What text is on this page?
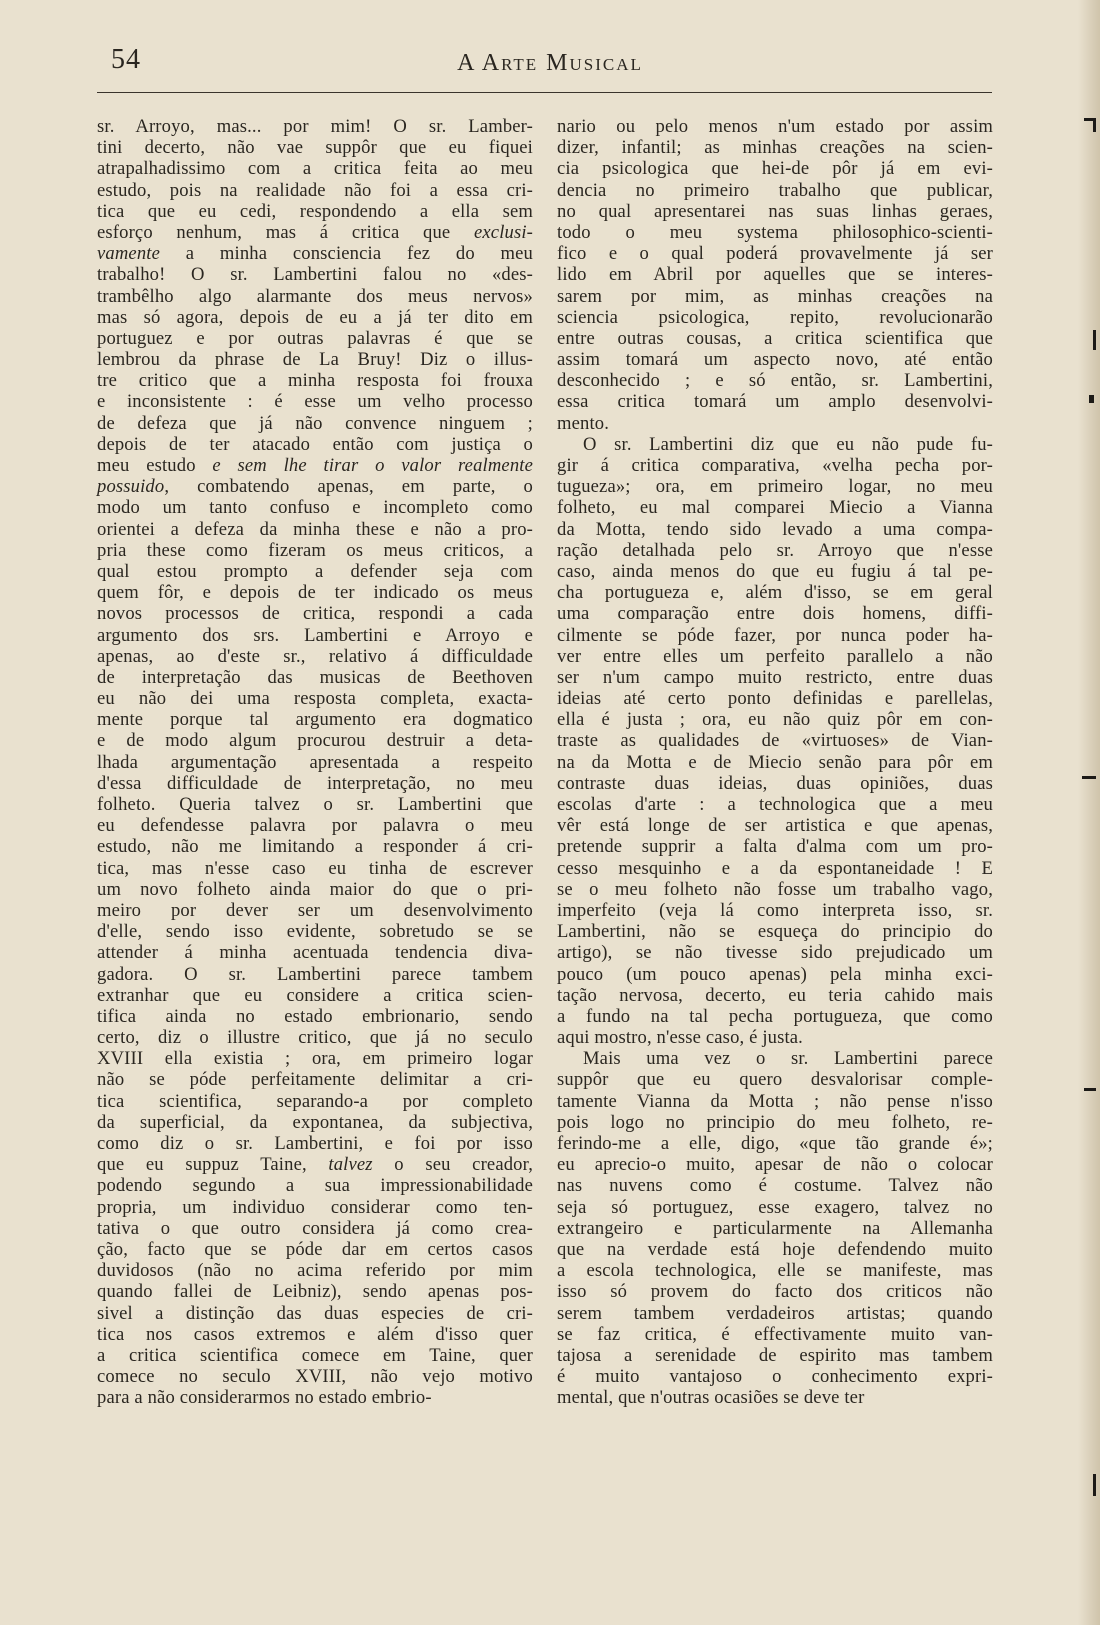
54	A Arte Musical
sr. Arroyo, mas... por mim! O sr. Lamber-
tini decerto, não vae suppôr que eu fiquei
atrapalhadissimo com a critica feita ao meu
estudo, pois na realidade não foi a essa cri-
tica que eu cedi, respondendo a ella sem
esforço nenhum, mas á critica que exclusi-
vamente a minha consciencia fez do meu
trabalho! O sr. Lambertini falou no «des-
trambêlho algo alarmante dos meus nervos»
mas só agora, depois de eu a já ter dito em
portuguez e por outras palavras é que se
lembrou da phrase de La Bruy! Diz o illus-
tre critico que a minha resposta foi frouxa
e inconsistente : é esse um velho processo
de defeza que já não convence ninguem ;
depois de ter atacado então com justiça o
meu estudo e sem lhe tirar o valor realmente
possuido, combatendo apenas, em parte, o
modo um tanto confuso e incompleto como
orientei a defeza da minha these e não a pro-
pria these como fizeram os meus criticos, a
qual estou prompto a defender seja com
quem fôr, e depois de ter indicado os meus
novos processos de critica, respondi a cada
argumento dos srs. Lambertini e Arroyo e
apenas, ao d'este sr., relativo á difficuldade
de interpretação das musicas de Beethoven
eu não dei uma resposta completa, exacta-
mente porque tal argumento era dogmatico
e de modo algum procurou destruir a deta-
lhada argumentação apresentada a respeito
d'essa difficuldade de interpretação, no meu
folheto. Queria talvez o sr. Lambertini que
eu defendesse palavra por palavra o meu
estudo, não me limitando a responder á cri-
tica, mas n'esse caso eu tinha de escrever
um novo folheto ainda maior do que o pri-
meiro por dever ser um desenvolvimento
d'elle, sendo isso evidente, sobretudo se se
attender á minha acentuada tendencia diva-
gadora. O sr. Lambertini parece tambem
extranhar que eu considere a critica scien-
tifica ainda no estado embrionario, sendo
certo, diz o illustre critico, que já no seculo
XVIII ella existia ; ora, em primeiro logar
não se póde perfeitamente delimitar a cri-
tica scientifica, separando-a por completo
da superficial, da expontanea, da subjectiva,
como diz o sr. Lambertini, e foi por isso
que eu suppuz Taine, talvez o seu creador,
podendo segundo a sua impressionabilidade
propria, um individuo considerar como ten-
tativa o que outro considera já como crea-
ção, facto que se póde dar em certos casos
duvidosos (não no acima referido por mim
quando fallei de Leibniz), sendo apenas pos-
sivel a distinção das duas especies de cri-
tica nos casos extremos e além d'isso quer
a critica scientifica comece em Taine, quer
comece no seculo XVIII, não vejo motivo
para a não considerarmos no estado embrio-
nario ou pelo menos n'um estado por assim
dizer, infantil; as minhas creações na scien-
cia psicologica que hei-de pôr já em evi-
dencia no primeiro trabalho que publicar,
no qual apresentarei nas suas linhas geraes,
todo o meu systema philosophico-scienti-
fico e o qual poderá provavelmente já ser
lido em Abril por aquelles que se interes-
sarem por mim, as minhas creações na
sciencia psicologica, repito, revolucionarão
entre outras cousas, a critica scientifica que
assim tomará um aspecto novo, até então
desconhecido ; e só então, sr. Lambertini,
essa critica tomará um amplo desenvolvi-
mento.
O sr. Lambertini diz que eu não pude fu-
gir á critica comparativa, «velha pecha por-
tugueza»; ora, em primeiro logar, no meu
folheto, eu mal comparei Miecio a Vianna
da Motta, tendo sido levado a uma compa-
ração detalhada pelo sr. Arroyo que n'esse
caso, ainda menos do que eu fugiu á tal pe-
cha portugueza e, além d'isso, se em geral
uma comparação entre dois homens, diffi-
cilmente se póde fazer, por nunca poder ha-
ver entre elles um perfeito parallelo a não
ser n'um campo muito restricto, entre duas
ideias até certo ponto definidas e parellelas,
ella é justa ; ora, eu não quiz pôr em con-
traste as qualidades de «virtuoses» de Vian-
na da Motta e de Miecio senão para pôr em
contraste duas ideias, duas opiniões, duas
escolas d'arte : a technologica que a meu
vêr está longe de ser artistica e que apenas,
pretende supprir a falta d'alma com um pro-
cesso mesquinho e a da espontaneidade ! E
se o meu folheto não fosse um trabalho vago,
imperfeito (veja lá como interpreta isso, sr.
Lambertini, não se esqueça do principio do
artigo), se não tivesse sido prejudicado um
pouco (um pouco apenas) pela minha exci-
tação nervosa, decerto, eu teria cahido mais
a fundo na tal pecha portugueza, que como
aqui mostro, n'esse caso, é justa.
Mais uma vez o sr. Lambertini parece
suppôr que eu quero desvalorisar comple-
tamente Vianna da Motta ; não pense n'isso
pois logo no principio do meu folheto, re-
ferindo-me a elle, digo, «que tão grande é»;
eu aprecio-o muito, apesar de não o colocar
nas nuvens como é costume. Talvez não
seja só portuguez, esse exagero, talvez no
extrangeiro e particularmente na Allemanha
que na verdade está hoje defendendo muito
a escola technologica, elle se manifeste, mas
isso só provem do facto dos criticos não
serem tambem verdadeiros artistas; quando
se faz critica, é effectivamente muito van-
tajosa a serenidade de espirito mas tambem
é muito vantajoso o conhecimento expri-
mental, que n'outras ocasiões se deve ter
